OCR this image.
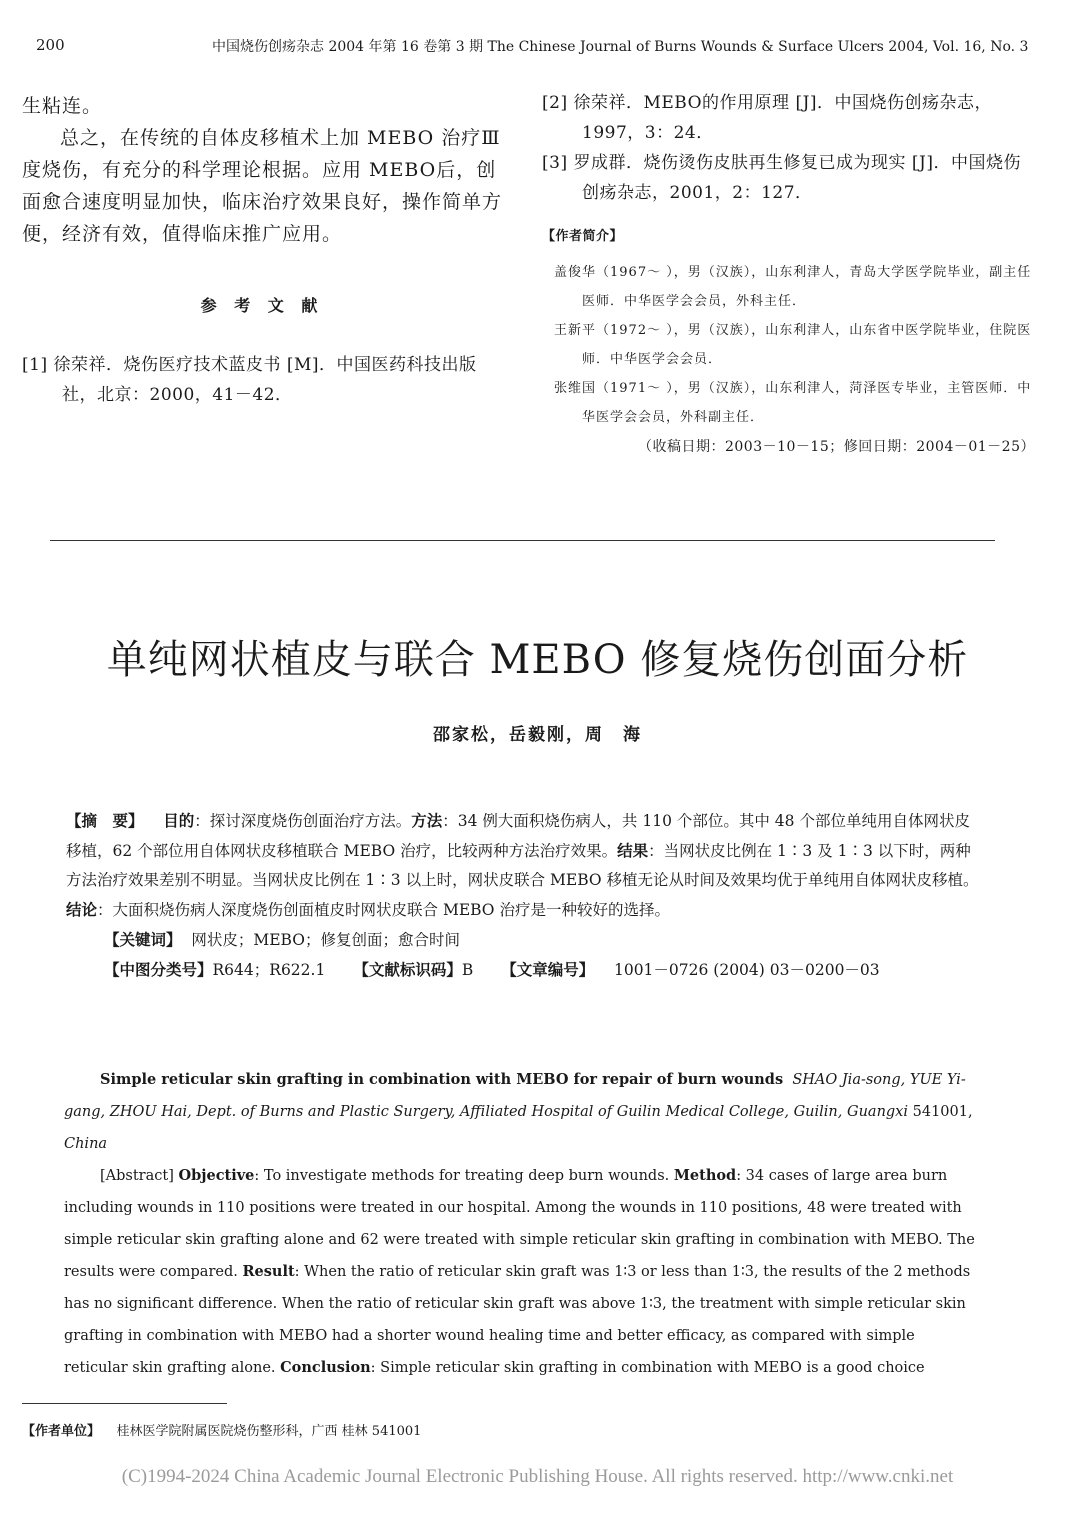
200	中国烧伤创疡杂志 2004 年第 16 卷第 3 期 The Chinese Journal of Burns Wounds & Surface Ulcers 2004, Vol. 16, No. 3

生粘连。

总之，在传统的自体皮移植术上加 MEBO 治疗Ⅲ度烧伤，有充分的科学理论根据。应用 MEBO后，创面愈合速度明显加快，临床治疗效果良好，操作简单方便，经济有效，值得临床推广应用。

参 考 文 献

[1] 徐荣祥．烧伤医疗技术蓝皮书 [M]．中国医药科技出版社，北京：2000，41－42．

[2] 徐荣祥．MEBO的作用原理 [J]．中国烧伤创疡杂志，1997，3：24．

[3] 罗成群．烧伤烫伤皮肤再生修复已成为现实 [J]．中国烧伤创疡杂志，2001，2：127．

【作者简介】

盖俊华（1967～ ），男（汉族），山东利津人，青岛大学医学院毕业，副主任医师．中华医学会会员，外科主任．

王新平（1972～ ），男（汉族），山东利津人，山东省中医学院毕业，住院医师．中华医学会会员．

张维国（1971～ ），男（汉族），山东利津人，菏泽医专毕业，主管医师．中华医学会会员，外科副主任．

（收稿日期：2003－10－15；修回日期：2004－01－25）

单纯网状植皮与联合 MEBO 修复烧伤创面分析
邵家松，岳毅刚，周　海

【摘　要】 目的：探讨深度烧伤创面治疗方法。方法：34 例大面积烧伤病人，共 110 个部位。其中 48 个部位单纯用自体网状皮移植，62 个部位用自体网状皮移植联合 MEBO 治疗，比较两种方法治疗效果。结果：当网状皮比例在 1∶3 及 1∶3 以下时，两种方法治疗效果差别不明显。当网状皮比例在 1∶3 以上时，网状皮联合 MEBO 移植无论从时间及效果均优于单纯用自体网状皮移植。结论：大面积烧伤病人深度烧伤创面植皮时网状皮联合 MEBO 治疗是一种较好的选择。

【关键词】 网状皮；MEBO；修复创面；愈合时间

【中图分类号】R644；R622.1 【文献标识码】B 【文章编号】 1001－0726 (2004) 03－0200－03

Simple reticular skin grafting in combination with MEBO for repair of burn wounds SHAO Jia-song, YUE Yi-gang, ZHOU Hai, Dept. of Burns and Plastic Surgery, Affiliated Hospital of Guilin Medical College, Guilin, Guangxi 541001, China

[Abstract] Objective: To investigate methods for treating deep burn wounds. Method: 34 cases of large area burn including wounds in 110 positions were treated in our hospital. Among the wounds in 110 positions, 48 were treated with simple reticular skin grafting alone and 62 were treated with simple reticular skin grafting in combination with MEBO. The results were compared. Result: When the ratio of reticular skin graft was 1∶3 or less than 1∶3, the results of the 2 methods has no significant difference. When the ratio of reticular skin graft was above 1∶3, the treatment with simple reticular skin grafting in combination with MEBO had a shorter wound healing time and better efficacy, as compared with simple reticular skin grafting alone. Conclusion: Simple reticular skin grafting in combination with MEBO is a good choice

【作者单位】 桂林医学院附属医院烧伤整形科，广西 桂林 541001
(C)1994-2024 China Academic Journal Electronic Publishing House. All rights reserved. http://www.cnki.net
